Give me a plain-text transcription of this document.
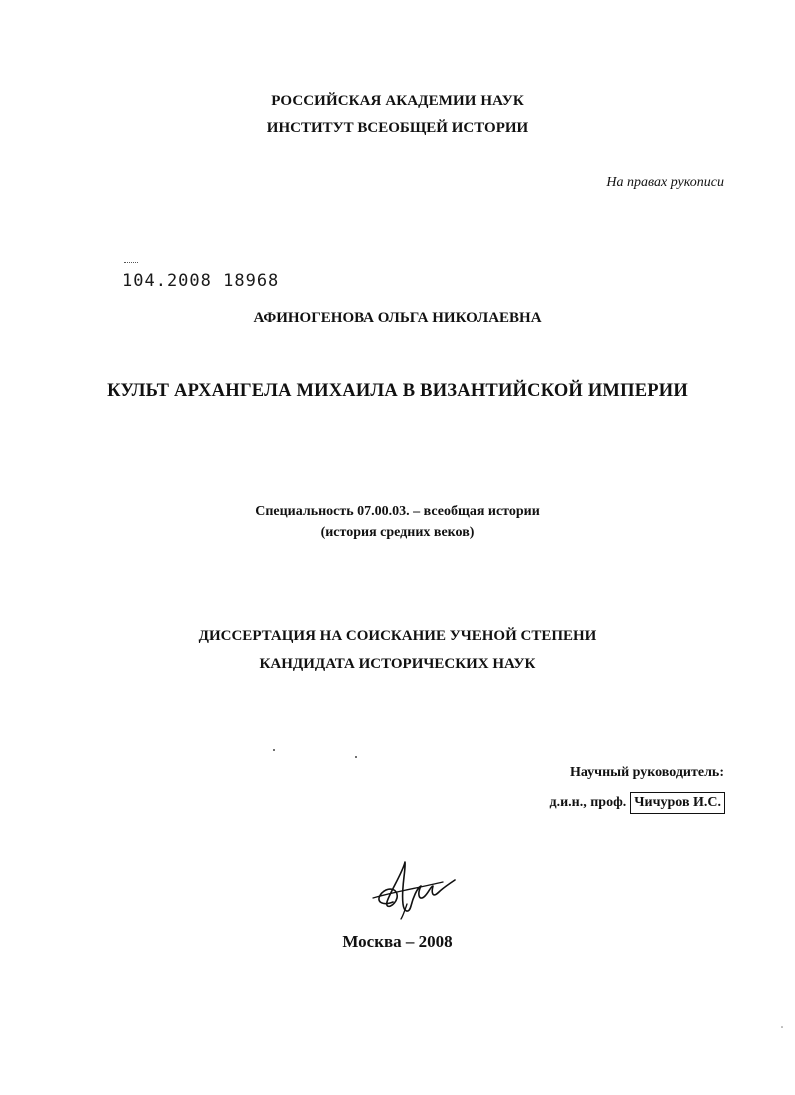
РОССИЙСКАЯ АКАДЕМИИ НАУК
ИНСТИТУТ ВСЕОБЩЕЙ ИСТОРИИ
На правах рукописи
104.2008 18968
АФИНОГЕНОВА ОЛЬГА НИКОЛАЕВНА
КУЛЬТ АРХАНГЕЛА МИХАИЛА В ВИЗАНТИЙСКОЙ ИМПЕРИИ
Специальность 07.00.03. – всеобщая истории
(история средних веков)
ДИССЕРТАЦИЯ НА СОИСКАНИЕ УЧЕНОЙ СТЕПЕНИ
КАНДИДАТА ИСТОРИЧЕСКИХ НАУК
Научный руководитель:
д.и.н., проф. Чичуров И.С.
Москва – 2008
